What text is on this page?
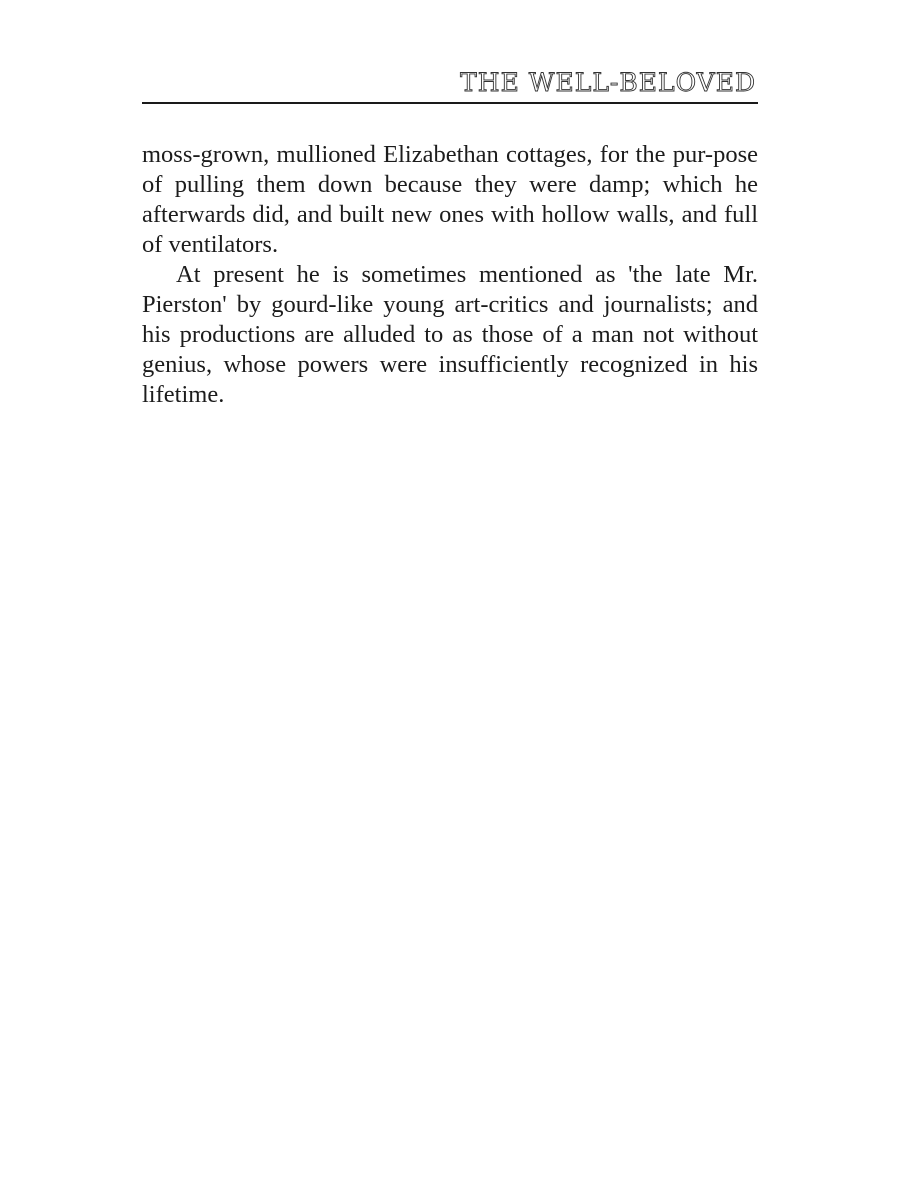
THE WELL-BELOVED

moss-grown, mullioned Elizabethan cottages, for the pur-pose of pulling them down because they were damp; which he afterwards did, and built new ones with hollow walls, and full of ventilators.

At present he is sometimes mentioned as 'the late Mr. Pierston' by gourd-like young art-critics and journalists; and his productions are alluded to as those of a man not without genius, whose powers were insufficiently recognized in his lifetime.
